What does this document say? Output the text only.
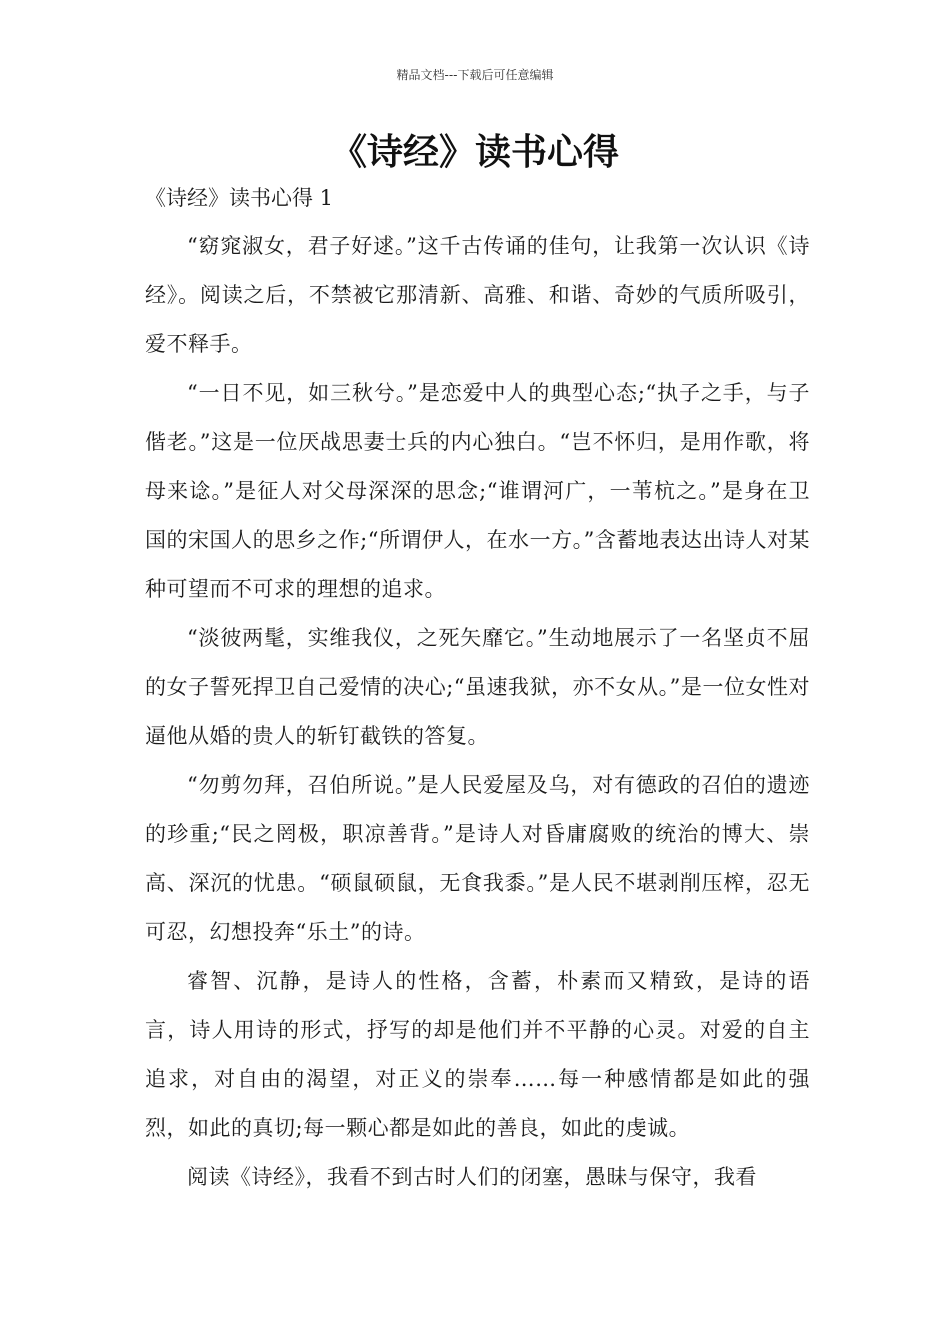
精品文档---下载后可任意编辑
《诗经》读书心得

《诗经》读书心得 1

“窈窕淑女，君子好逑。”这千古传诵的佳句，让我第一次认识《诗经》。阅读之后，不禁被它那清新、高雅、和谐、奇妙的气质所吸引，爱不释手。

“一日不见，如三秋兮。”是恋爱中人的典型心态;“执子之手，与子偕老。”这是一位厌战思妻士兵的内心独白。“岂不怀归，是用作歌，将母来谂。”是征人对父母深深的思念;“谁谓河广，一苇杭之。”是身在卫国的宋国人的思乡之作;“所谓伊人，在水一方。”含蓄地表达出诗人对某种可望而不可求的理想的追求。

“淡彼两髦，实维我仪，之死矢靡它。”生动地展示了一名坚贞不屈的女子誓死捍卫自己爱情的决心;“虽速我狱，亦不女从。”是一位女性对逼他从婚的贵人的斩钉截铁的答复。

“勿剪勿拜，召伯所说。”是人民爱屋及乌，对有德政的召伯的遗迹的珍重;“民之罔极，职凉善背。”是诗人对昏庸腐败的统治的博大、崇高、深沉的忧患。“硕鼠硕鼠，无食我黍。”是人民不堪剥削压榨，忍无可忍，幻想投奔“乐土”的诗。

睿智、沉静，是诗人的性格，含蓄，朴素而又精致，是诗的语言，诗人用诗的形式，抒写的却是他们并不平静的心灵。对爱的自主追求，对自由的渴望，对正义的崇奉……每一种感情都是如此的强烈，如此的真切;每一颗心都是如此的善良，如此的虔诚。

阅读《诗经》，我看不到古时人们的闭塞，愚昧与保守，我看
